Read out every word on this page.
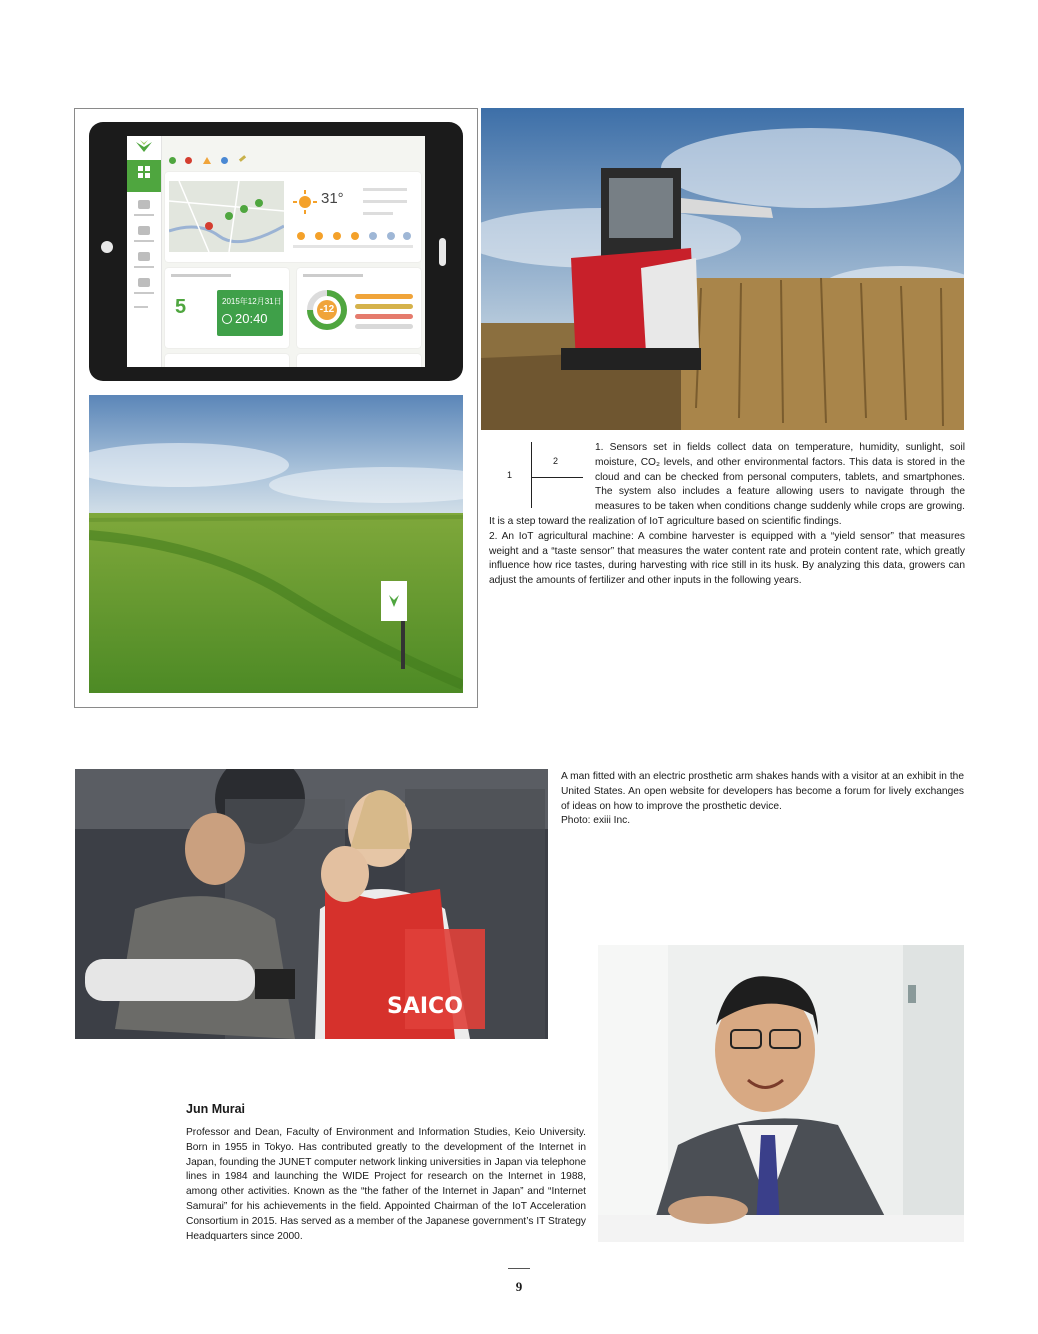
31°
5	2015年12月31日
20:40
-12
1
2

1. Sensors set in fields collect data on temperature, humidity, sunlight, soil moisture, CO₂ levels, and other environmental factors. This data is stored in the cloud and can be checked from personal computers, tablets, and smartphones. The system also includes a feature allowing users to navigate through the measures to be taken when conditions change suddenly while crops are growing. It is a step toward the realization of IoT agriculture based on scientific findings.

2. An IoT agricultural machine: A combine harvester is equipped with a “yield sensor” that measures weight and a “taste sensor” that measures the water content rate and protein content rate, which greatly influence how rice tastes, during harvesting with rice still in its husk. By analyzing this data, growers can adjust the amounts of fertilizer and other inputs in the following years.

SAICO

A man fitted with an electric prosthetic arm shakes hands with a visitor at an exhibit in the United States. An open website for developers has become a forum for lively exchanges of ideas on how to improve the prosthetic device.

Photo: exiii Inc.

Jun Murai

Professor and Dean, Faculty of Environment and Information Studies, Keio University. Born in 1955 in Tokyo. Has contributed greatly to the development of the Internet in Japan, founding the JUNET computer network linking universities in Japan via telephone lines in 1984 and launching the WIDE Project for research on the Internet in 1988, among other activities. Known as the “the father of the Internet in Japan” and “Internet Samurai” for his achievements in the field. Appointed Chairman of the IoT Acceleration Consortium in 2015. Has served as a member of the Japanese government’s IT Strategy Headquarters since 2000.

9
